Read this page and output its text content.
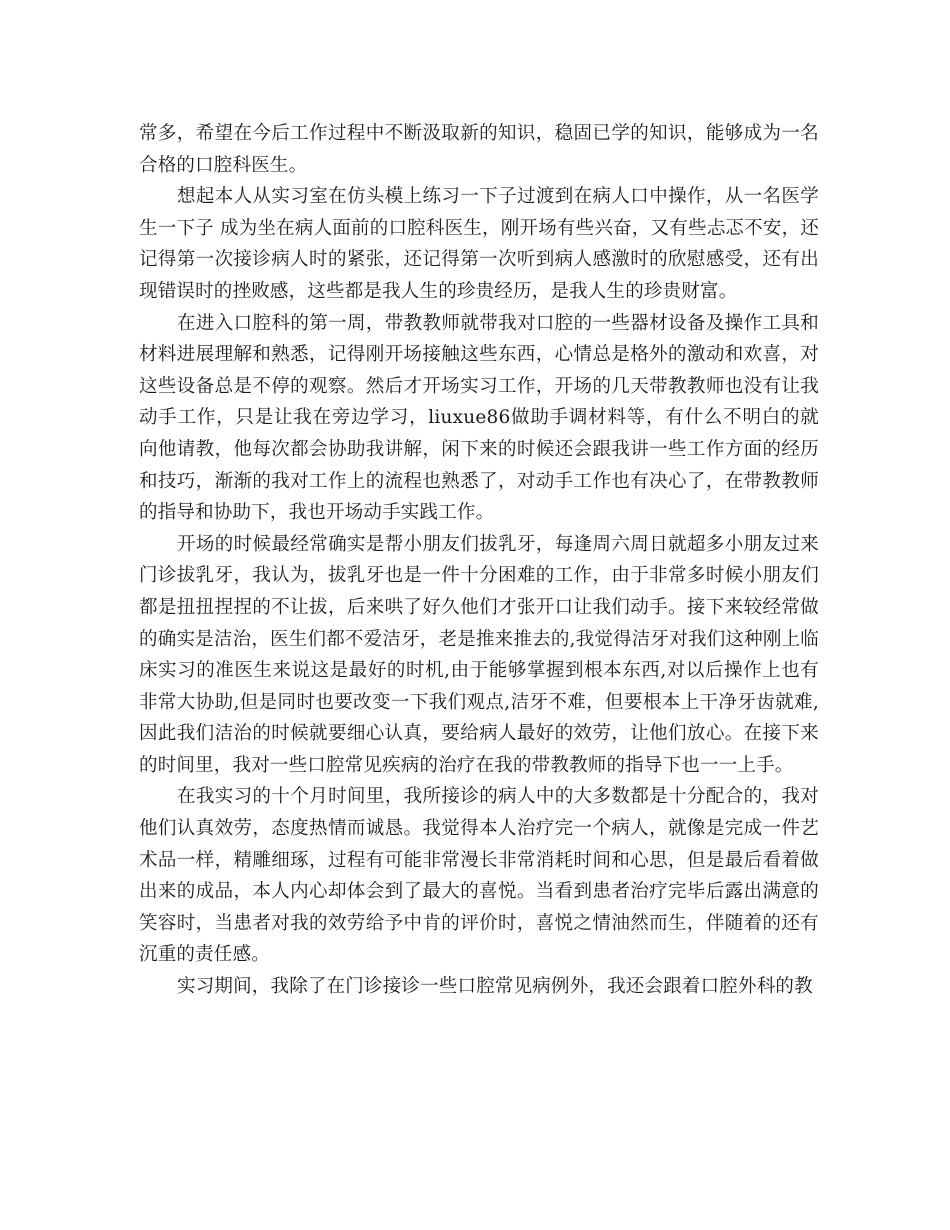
常多，希望在今后工作过程中不断汲取新的知识，稳固已学的知识，能够成为一名合格的口腔科医生。

想起本人从实习室在仿头模上练习一下子过渡到在病人口中操作，从一名医学生一下子 成为坐在病人面前的口腔科医生，刚开场有些兴奋，又有些忐忑不安，还记得第一次接诊病人时的紧张，还记得第一次听到病人感激时的欣慰感受，还有出现错误时的挫败感，这些都是我人生的珍贵经历，是我人生的珍贵财富。

在进入口腔科的第一周，带教教师就带我对口腔的一些器材设备及操作工具和材料进展理解和熟悉，记得刚开场接触这些东西，心情总是格外的激动和欢喜，对这些设备总是不停的观察。然后才开场实习工作，开场的几天带教教师也没有让我动手工作，只是让我在旁边学习，liuxue86做助手调材料等，有什么不明白的就向他请教，他每次都会协助我讲解，闲下来的时候还会跟我讲一些工作方面的经历和技巧，渐渐的我对工作上的流程也熟悉了，对动手工作也有决心了，在带教教师的指导和协助下，我也开场动手实践工作。

开场的时候最经常确实是帮小朋友们拔乳牙，每逢周六周日就超多小朋友过来门诊拔乳牙，我认为，拔乳牙也是一件十分困难的工作，由于非常多时候小朋友们都是扭扭捏捏的不让拔，后来哄了好久他们才张开口让我们动手。接下来较经常做的确实是洁治，医生们都不爱洁牙，老是推来推去的,我觉得洁牙对我们这种刚上临床实习的准医生来说这是最好的时机,由于能够掌握到根本东西,对以后操作上也有非常大协助,但是同时也要改变一下我们观点,洁牙不难，但要根本上干净牙齿就难,因此我们洁治的时候就要细心认真，要给病人最好的效劳，让他们放心。在接下来的时间里，我对一些口腔常见疾病的治疗在我的带教教师的指导下也一一上手。

在我实习的十个月时间里，我所接诊的病人中的大多数都是十分配合的，我对他们认真效劳，态度热情而诚恳。我觉得本人治疗完一个病人，就像是完成一件艺术品一样，精雕细琢，过程有可能非常漫长非常消耗时间和心思，但是最后看着做出来的成品，本人内心却体会到了最大的喜悦。当看到患者治疗完毕后露出满意的笑容时，当患者对我的效劳给予中肯的评价时，喜悦之情油然而生，伴随着的还有沉重的责任感。

实习期间，我除了在门诊接诊一些口腔常见病例外，我还会跟着口腔外科的教
